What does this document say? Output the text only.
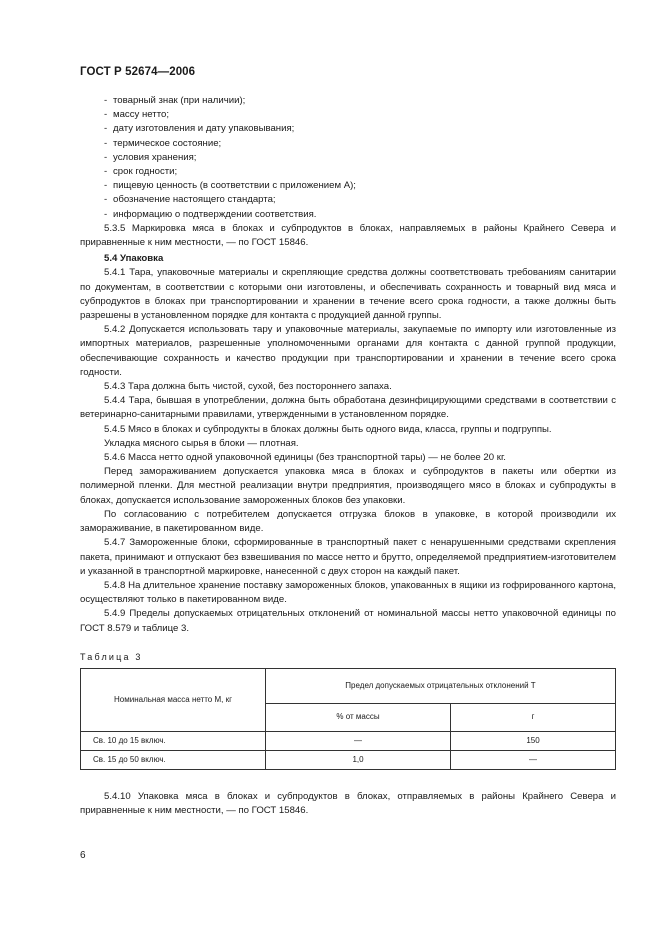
ГОСТ Р 52674—2006
- товарный знак (при наличии);
- массу нетто;
- дату изготовления и дату упаковывания;
- термическое состояние;
- условия хранения;
- срок годности;
- пищевую ценность (в соответствии с приложением А);
- обозначение настоящего стандарта;
- информацию о подтверждении соответствия.

5.3.5 Маркировка мяса в блоках и субпродуктов в блоках, направляемых в районы Крайнего Севера и приравненные к ним местности, — по ГОСТ 15846.

5.4 Упаковка

5.4.1 Тара, упаковочные материалы и скрепляющие средства должны соответствовать требованиям санитарии по документам, в соответствии с которыми они изготовлены, и обеспечивать сохранность и товарный вид мяса и субпродуктов в блоках при транспортировании и хранении в течение всего срока годности, а также должны быть разрешены в установленном порядке для контакта с продукцией данной группы.

5.4.2 Допускается использовать тару и упаковочные материалы, закупаемые по импорту или изготовленные из импортных материалов, разрешенные уполномоченными органами для контакта с данной группой продукции, обеспечивающие сохранность и качество продукции при транспортировании и хранении в течение всего срока годности.

5.4.3 Тара должна быть чистой, сухой, без постороннего запаха.

5.4.4 Тара, бывшая в употреблении, должна быть обработана дезинфицирующими средствами в соответствии с ветеринарно-санитарными правилами, утвержденными в установленном порядке.

5.4.5 Мясо в блоках и субпродукты в блоках должны быть одного вида, класса, группы и подгруппы.

Укладка мясного сырья в блоки — плотная.

5.4.6 Масса нетто одной упаковочной единицы (без транспортной тары) — не более 20 кг.

Перед замораживанием допускается упаковка мяса в блоках и субпродуктов в пакеты или обертки из полимерной пленки. Для местной реализации внутри предприятия, производящего мясо в блоках и субпродукты в блоках, допускается использование замороженных блоков без упаковки.

По согласованию с потребителем допускается отгрузка блоков в упаковке, в которой производили их замораживание, в пакетированном виде.

5.4.7 Замороженные блоки, сформированные в транспортный пакет с ненарушенными средствами скрепления пакета, принимают и отпускают без взвешивания по массе нетто и брутто, определяемой предприятием-изготовителем и указанной в транспортной маркировке, нанесенной с двух сторон на каждый пакет.

5.4.8 На длительное хранение поставку замороженных блоков, упакованных в ящики из гофрированного картона, осуществляют только в пакетированном виде.

5.4.9 Пределы допускаемых отрицательных отклонений от номинальной массы нетто упаковочной единицы по ГОСТ 8.579 и таблице 3.

Таблица 3

Номинальная масса нетто М, кг	Предел допускаемых отрицательных отклонений Т	
	% от массы	г
Св. 10 до 15 включ.	—	150
Св. 15 до 50 включ.	1,0	—

5.4.10 Упаковка мяса в блоках и субпродуктов в блоках, отправляемых в районы Крайнего Севера и приравненные к ним местности, — по ГОСТ 15846.

6
